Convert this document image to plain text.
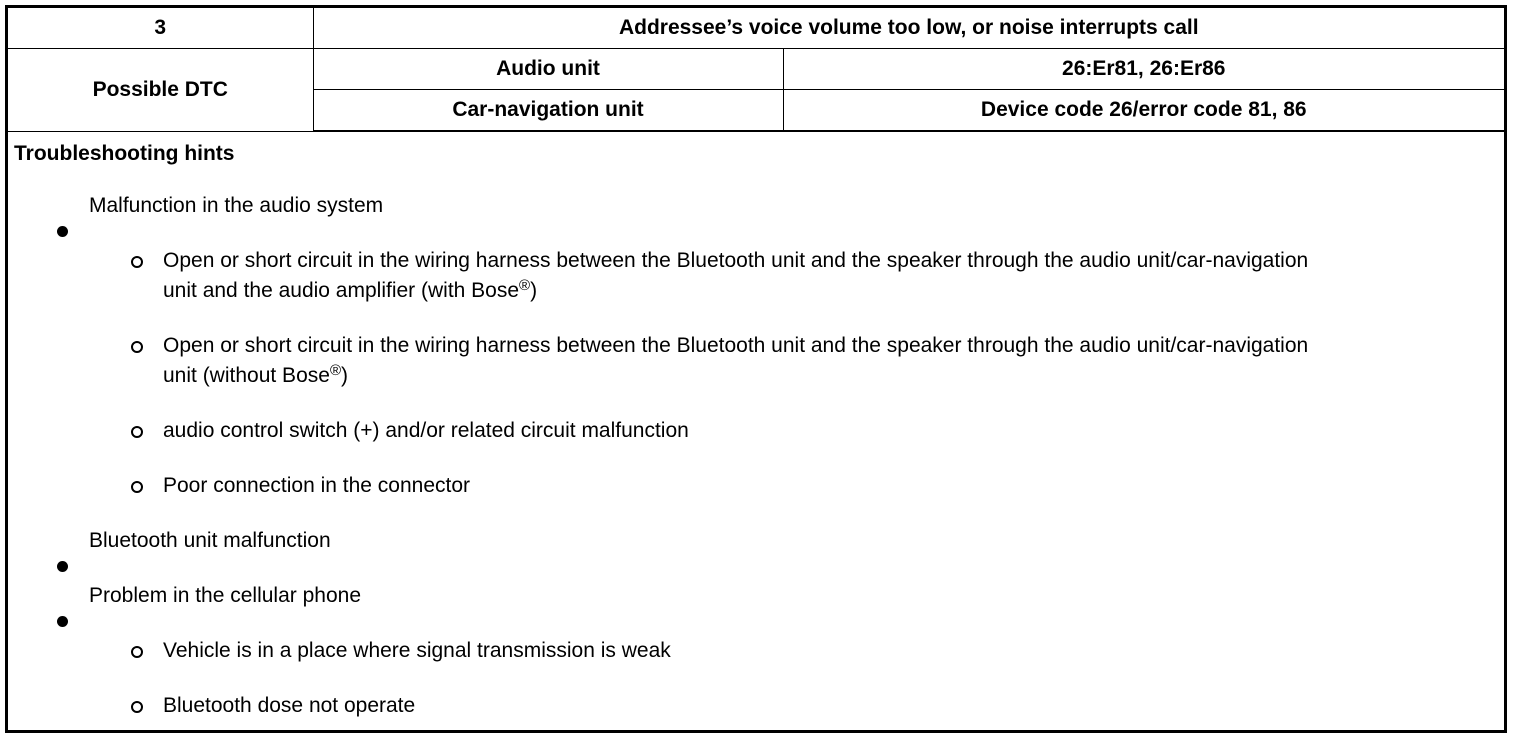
3	Addressee’s voice volume too low, or noise interrupts call	
Possible DTC	Audio unit	26:Er81, 26:Er86
	Car-navigation unit	Device code 26/error code 81, 86
Troubleshooting hints
Malfunction in the audio system
Open or short circuit in the wiring harness between the Bluetooth unit and the speaker through the audio unit/car-navigation unit and the audio amplifier (with Bose®)
Open or short circuit in the wiring harness between the Bluetooth unit and the speaker through the audio unit/car-navigation unit (without Bose®)
audio control switch (+) and/or related circuit malfunction
Poor connection in the connector
Bluetooth unit malfunction
Problem in the cellular phone
Vehicle is in a place where signal transmission is weak
Bluetooth dose not operate
